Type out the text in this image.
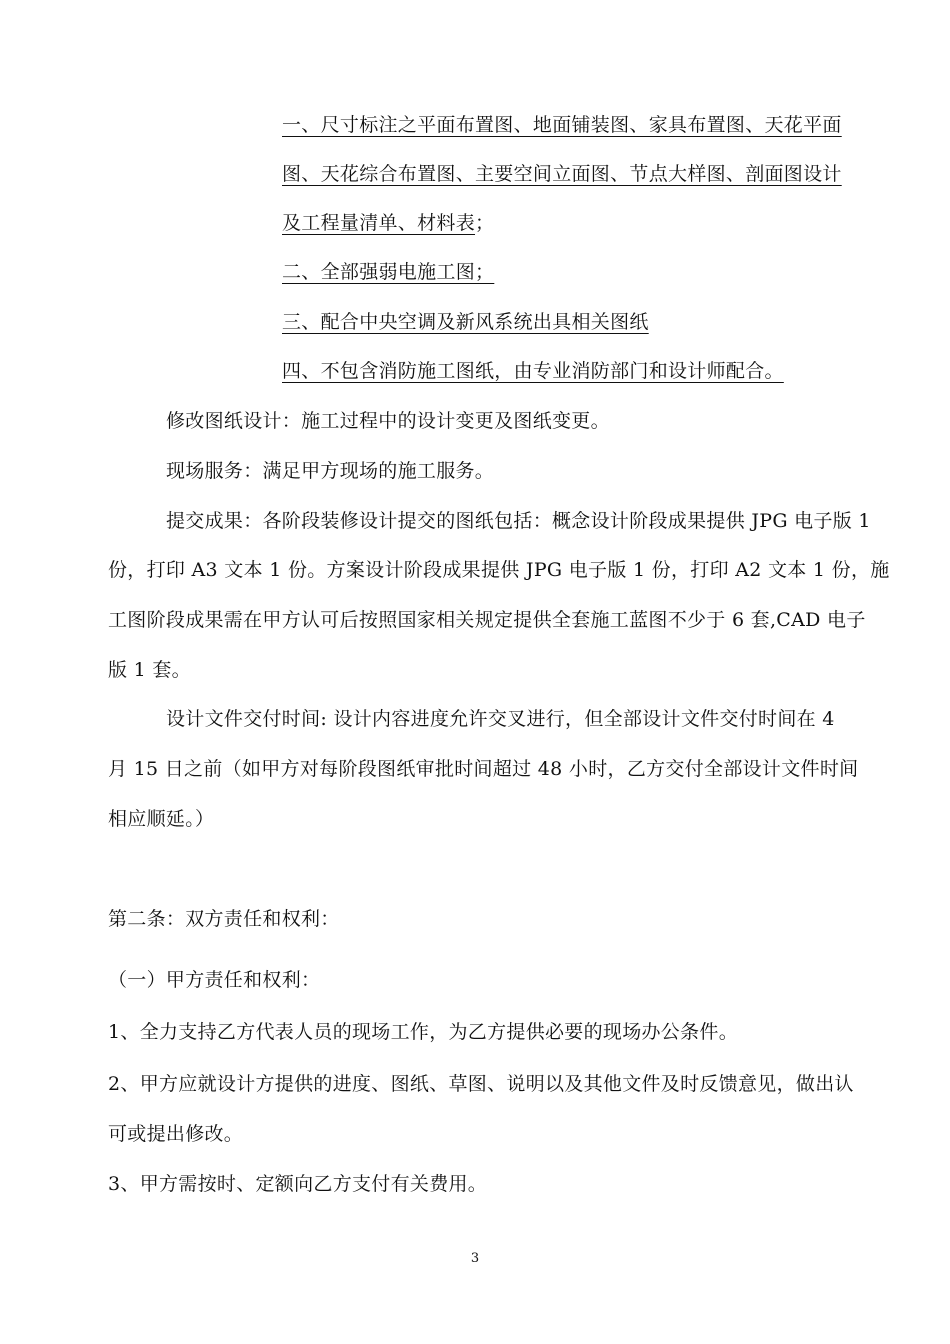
一、尺寸标注之平面布置图、地面铺装图、家具布置图、天花平面
图、天花综合布置图、主要空间立面图、节点大样图、剖面图设计
及工程量清单、材料表；
二、全部强弱电施工图；
三、配合中央空调及新风系统出具相关图纸
四、不包含消防施工图纸，由专业消防部门和设计师配合。
修改图纸设计：施工过程中的设计变更及图纸变更。
现场服务：满足甲方现场的施工服务。
提交成果：各阶段装修设计提交的图纸包括：概念设计阶段成果提供 JPG 电子版 1
份，打印 A3 文本 1 份。方案设计阶段成果提供 JPG 电子版 1 份，打印 A2 文本 1 份，施
工图阶段成果需在甲方认可后按照国家相关规定提供全套施工蓝图不少于 6 套,CAD 电子
版 1 套。
设计文件交付时间: 设计内容进度允许交叉进行，但全部设计文件交付时间在 4
月 15 日之前（如甲方对每阶段图纸审批时间超过 48 小时，乙方交付全部设计文件时间
相应顺延。）
第二条：双方责任和权利：
（一）甲方责任和权利：
1、全力支持乙方代表人员的现场工作，为乙方提供必要的现场办公条件。
2、甲方应就设计方提供的进度、图纸、草图、说明以及其他文件及时反馈意见，做出认
可或提出修改。
3、甲方需按时、定额向乙方支付有关费用。
3
